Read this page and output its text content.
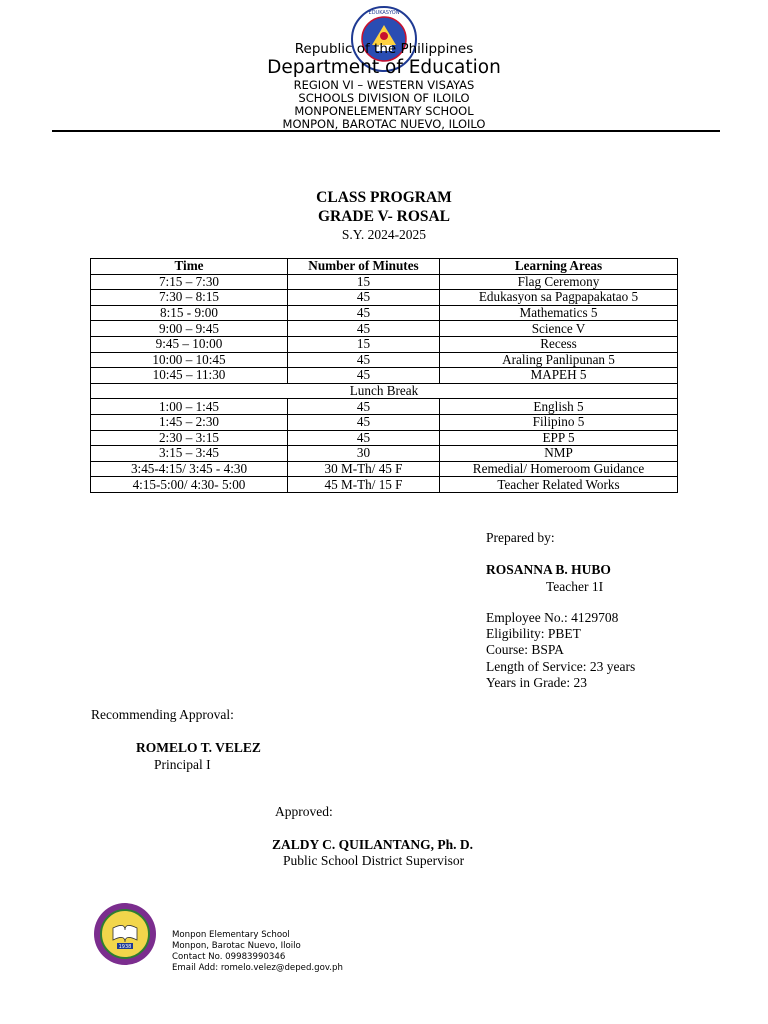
EDUKASYON
Republic of the Philippines
Department of Education
REGION VI – WESTERN VISAYAS
SCHOOLS DIVISION OF ILOILO
MONPONELEMENTARY SCHOOL
MONPON, BAROTAC NUEVO, ILOILO
CLASS PROGRAM
GRADE V- ROSAL
S.Y. 2024-2025
Time	Number of Minutes	Learning Areas
7:15 – 7:30	15	Flag Ceremony
7:30 – 8:15	45	Edukasyon sa Pagpapakatao 5
8:15 - 9:00	45	Mathematics 5
9:00 – 9:45	45	Science V
9:45 – 10:00	15	Recess
10:00 – 10:45	45	Araling Panlipunan 5
10:45 – 11:30	45	MAPEH 5
Lunch Break		
1:00 – 1:45	45	English 5
1:45 – 2:30	45	Filipino 5
2:30 – 3:15	45	EPP 5
3:15 – 3:45	30	NMP
3:45-4:15/ 3:45 - 4:30	30 M-Th/ 45 F	Remedial/ Homeroom Guidance
4:15-5:00/ 4:30- 5:00	45 M-Th/ 15 F	Teacher Related Works
Prepared by:
ROSANNA B. HUBO
Teacher 1I
Employee No.: 4129708
Eligibility: PBET
Course: BSPA
Length of Service: 23 years
Years in Grade: 23
Recommending Approval:
ROMELO T. VELEZ
Principal I
Approved:
ZALDY C. QUILANTANG, Ph. D.
Public School District Supervisor
1938
Monpon Elementary School
Monpon, Barotac Nuevo, Iloilo
Contact No. 09983990346
Email Add: romelo.velez@deped.gov.ph
